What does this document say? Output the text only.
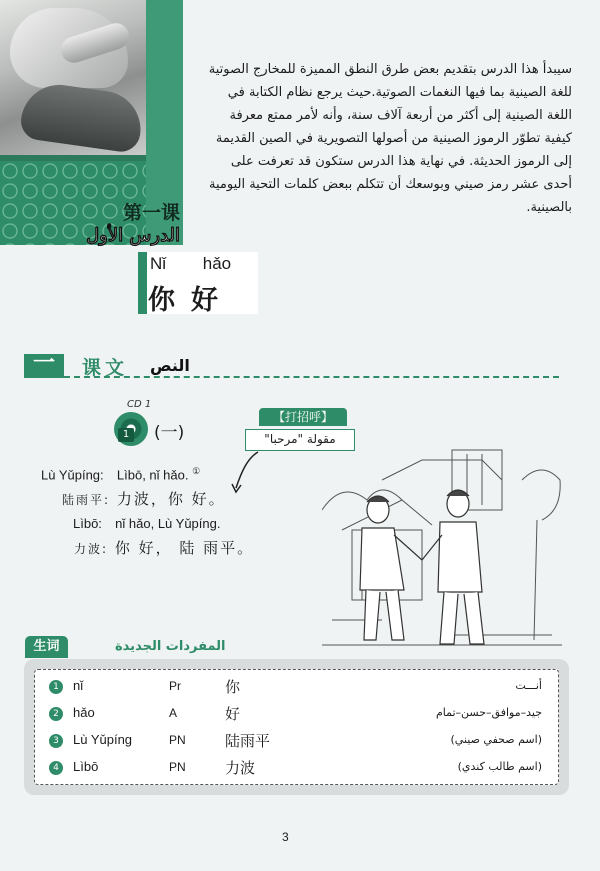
第一课
الدرس الأول

سيبدأ هذا الدرس بتقديم بعض طرق النطق المميزة للمخارج الصوتية للغة الصينية بما فيها النغمات الصوتية.حيث يرجع نظام الكتابة في اللغة الصينية إلى أكثر من أربعة آلاف سنة، وأنه لأمر ممتع معرفة كيفية تطوّر الرموز الصينية من أصولها التصويرية في الصين القديمة إلى الرموز الحديثة. في نهاية هذا الدرس ستكون قد تعرفت على أحدى عشر رمز صيني وبوسعك أن تتكلم ببعض كلمات التحية اليومية بالصينية.

Nǐ hǎo
你好
一	课文 النص
CD 1
1 (一)
【打招呼】
مقولة "مرحبا"
Lù Yǔpíng: Lìbō, nǐ hǎo. ①
陆雨平: 力波，你 好。
Lìbō: nǐ hǎo, Lù Yǔpíng.
力波: 你 好， 陆 雨平。
生词	المفردات الجديدة
1	nǐ	Pr	你	أنـــت
2	hǎo	A	好	جيد–موافق–حسن–تمام
3	Lù Yǔpíng	PN	陆雨平	(اسم صحفي صيني)
4	Lìbō	PN	力波	(اسم طالب كندي)
3
